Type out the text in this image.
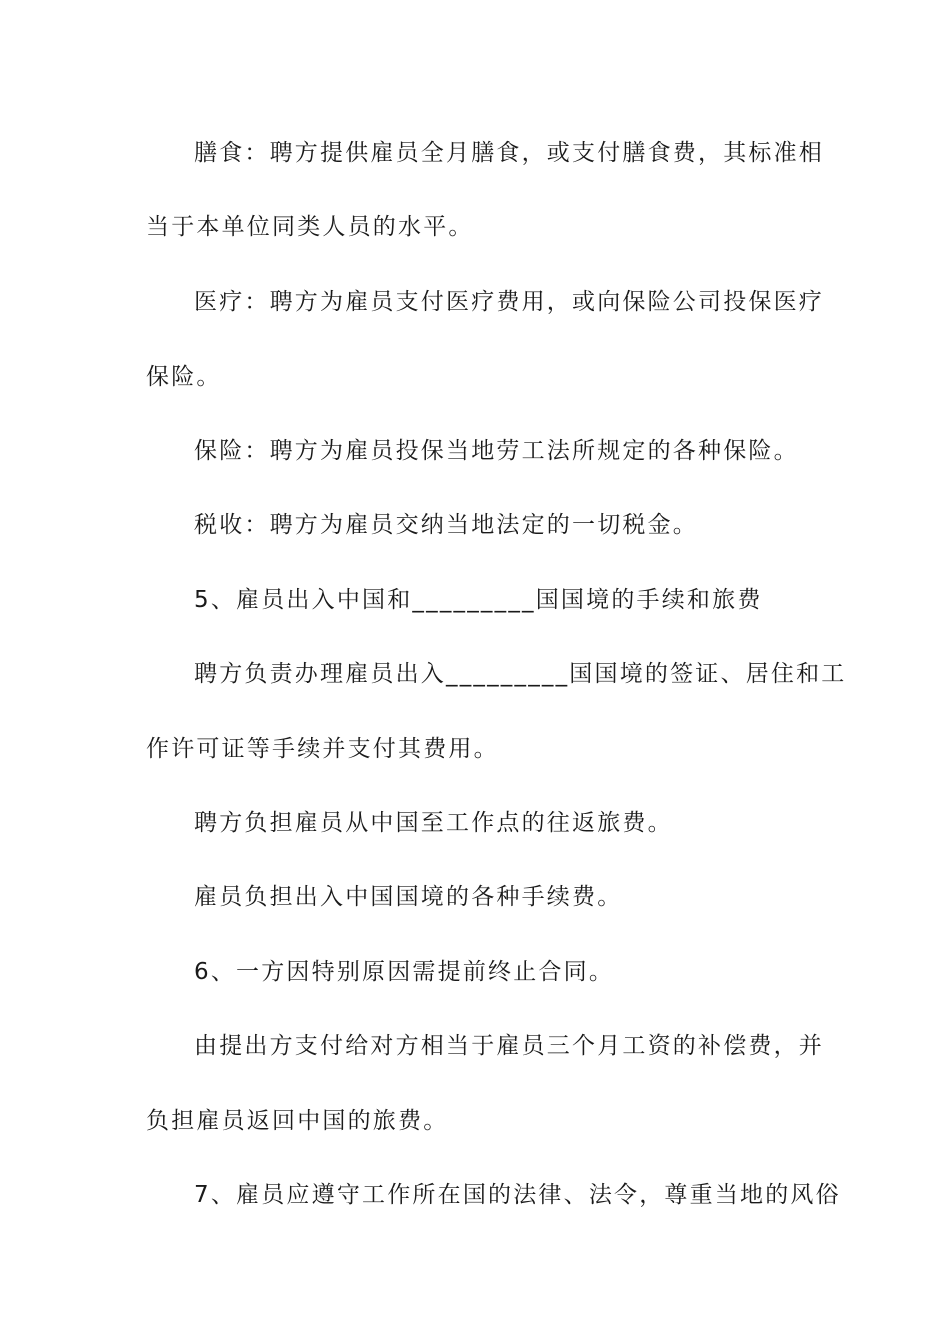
膳食：聘方提供雇员全月膳食，或支付膳食费，其标准相
当于本单位同类人员的水平。
医疗：聘方为雇员支付医疗费用，或向保险公司投保医疗
保险。
保险：聘方为雇员投保当地劳工法所规定的各种保险。
税收：聘方为雇员交纳当地法定的一切税金。
5、雇员出入中国和_________国国境的手续和旅费
聘方负责办理雇员出入_________国国境的签证、居住和工
作许可证等手续并支付其费用。
聘方负担雇员从中国至工作点的往返旅费。
雇员负担出入中国国境的各种手续费。
6、一方因特别原因需提前终止合同。
由提出方支付给对方相当于雇员三个月工资的补偿费，并
负担雇员返回中国的旅费。
7、雇员应遵守工作所在国的法律、法令，尊重当地的风俗
